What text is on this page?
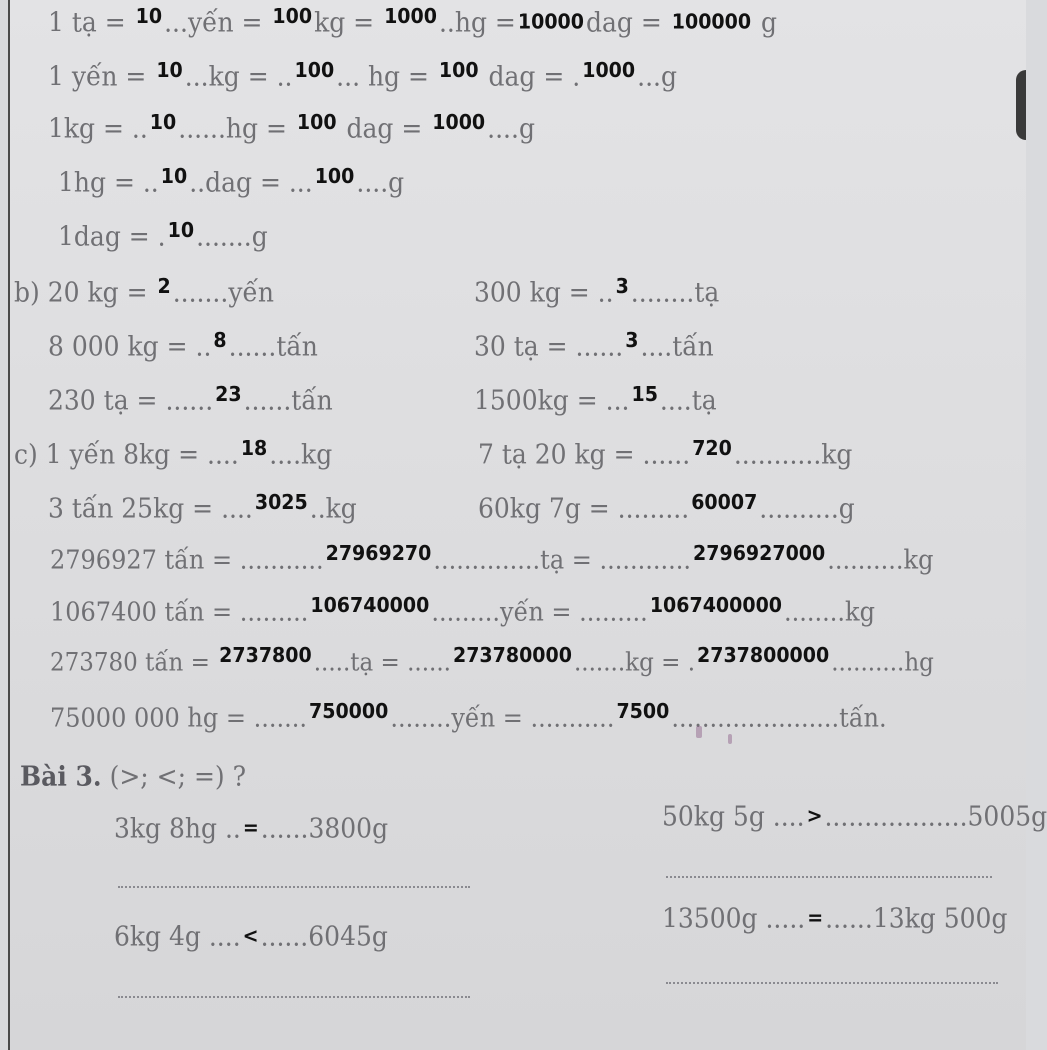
1 tạ = $^{10}$...yến = $^{100}$kg = $^{1000}$..hg = 10000dag = 100000 g
1 yến = $^{10}$...kg = .. $^{100}$... hg = $^{100}$ dag = . $^{1000}$...g
1kg = .. $^{10}$......hg = $^{100}$ dag = $^{1000}$....g
1hg = .. $^{10}$..dag = ... $^{100}$....g
1dag = . $^{10}$.......g
b) 20 kg = $^2$.......yến	300 kg = .. $^3$........tạ
8 000 kg = .. $^8$......tấn	30 tạ = ...... $^3$....tấn
230 tạ = ...... $^{23}$......tấn	1500kg = ... $^{15}$....tạ
c) 1 yến 8kg = .... $^{18}$....kg	7 tạ 20 kg = ...... $^{720}$...........kg
3 tấn 25kg = .... $^{3025}$..kg	60kg 7g = ......... $^{60007}$..........g
2796927 tấn = ........... $^{27969270}$..............tạ = ............ $^{2796927000}$..........kg
1067400 tấn = ......... $^{106740000}$.........yến = ......... $^{1067400000}$........kg
273780 tấn = $^{2737800}$.....tạ = ...... $^{273780000}$.......kg = . $^{2737800000}$..........hg
75000 000 hg = ....... $^{750000}$........yến = ........... $^{7500}$......................tấn.
Bài 3. (>; <; =) ?
3kg 8hg .. =......3800g	50kg 5g .... >..................5005g
6kg 4g .... <......6045g
13500g ..... =......13kg 500g
